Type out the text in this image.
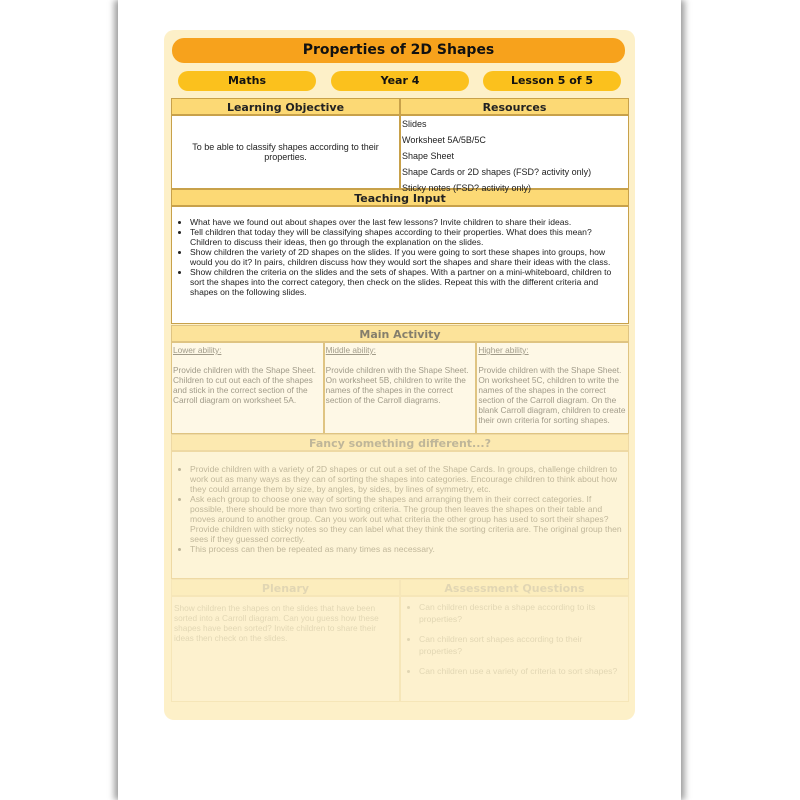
Properties of 2D Shapes
Maths	Year 4	Lesson 5 of 5
Learning Objective	Resources
To be able to classify shapes according to their properties.
Slides
Worksheet 5A/5B/5C
Shape Sheet
Shape Cards or 2D shapes (FSD? activity only)
Sticky notes (FSD? activity only)
Teaching Input
• What have we found out about shapes over the last few lessons? Invite children to share their ideas.
• Tell children that today they will be classifying shapes according to their properties. What does this mean? Children to discuss their ideas, then go through the explanation on the slides.
• Show children the variety of 2D shapes on the slides. If you were going to sort these shapes into groups, how would you do it? In pairs, children discuss how they would sort the shapes and share their ideas with the class.
• Show children the criteria on the slides and the sets of shapes. With a partner on a mini-whiteboard, children to sort the shapes into the correct category, then check on the slides. Repeat this with the different criteria and shapes on the following slides.
Main Activity
Lower ability:
Provide children with the Shape Sheet. Children to cut out each of the shapes and stick in the correct section of the Carroll diagram on worksheet 5A.
Middle ability:
Provide children with the Shape Sheet. On worksheet 5B, children to write the names of the shapes in the correct section of the Carroll diagrams.
Higher ability:
Provide children with the Shape Sheet. On worksheet 5C, children to write the names of the shapes in the correct section of the Carroll diagram. On the blank Carroll diagram, children to create their own criteria for sorting shapes.
Fancy something different...?
• Provide children with a variety of 2D shapes or cut out a set of the Shape Cards. In groups, challenge children to work out as many ways as they can of sorting the shapes into categories. Encourage children to think about how they could arrange them by size, by angles, by sides, by lines of symmetry, etc.
• Ask each group to choose one way of sorting the shapes and arranging them in their correct categories. If possible, there should be more than two sorting criteria. The group then leaves the shapes on their table and moves around to another group. Can you work out what criteria the other group has used to sort their shapes? Provide children with sticky notes so they can label what they think the sorting criteria are. The original group then sees if they guessed correctly.
• This process can then be repeated as many times as necessary.
Plenary	Assessment Questions
Show children the shapes on the slides that have been sorted into a Carroll diagram. Can you guess how these shapes have been sorted? Invite children to share their ideas then check on the slides.
• Can children describe a shape according to its properties?
• Can children sort shapes according to their properties?
• Can children use a variety of criteria to sort shapes?
